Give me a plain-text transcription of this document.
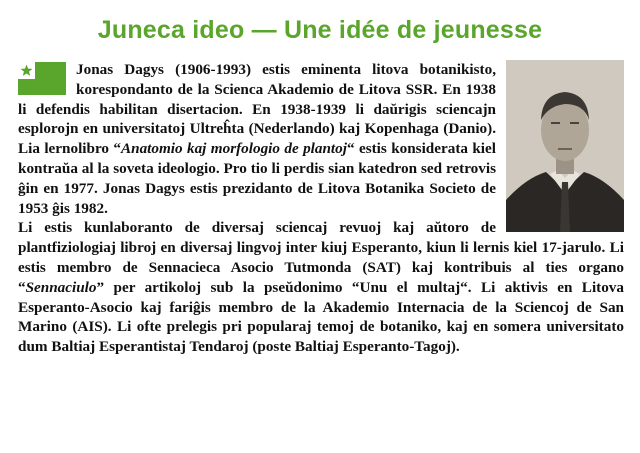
Juneca ideo — Une idée de jeunesse

Jonas Dagys (1906-1993) estis eminenta litova botanikisto, korespondanto de la Scienca Akademio de Litova SSR. En 1938 li defendis habilitan disertacion. En 1938-1939 li daŭrigis sciencajn esplorojn en universitatoj Ultreĥta (Nederlando) kaj Kopenhaga (Danio). Lia lernolibro “Anatomio kaj morfologio de plantoj“ estis konsiderata kiel kontraŭa al la soveta ideologio. Pro tio li perdis sian katedron sed retrovis ĝin en 1977. Jonas Dagys estis prezidanto de Litova Botanika Societo de 1953 ĝis 1982.

Li estis kunlaboranto de diversaj sciencaj revuoj kaj aŭtoro de plantfiziologiaj libroj en diversaj lingvoj inter kiuj Esperanto, kiun li lernis kiel 17-jarulo. Li estis membro de Sennacieca Asocio Tutmonda (SAT) kaj kontribuis al ties organo “Sennaciulo” per artikoloj sub la pseŭdonimo “Unu el multaj“. Li aktivis en Litova Esperanto-Asocio kaj fariĝis membro de la Akademio Internacia de la Sciencoj de San Marino (AIS). Li ofte prelegis pri popularaj temoj de botaniko, kaj en somera universitato dum Baltiaj Esperantistaj Tendaroj (poste Baltiaj Esperanto-Tagoj).
